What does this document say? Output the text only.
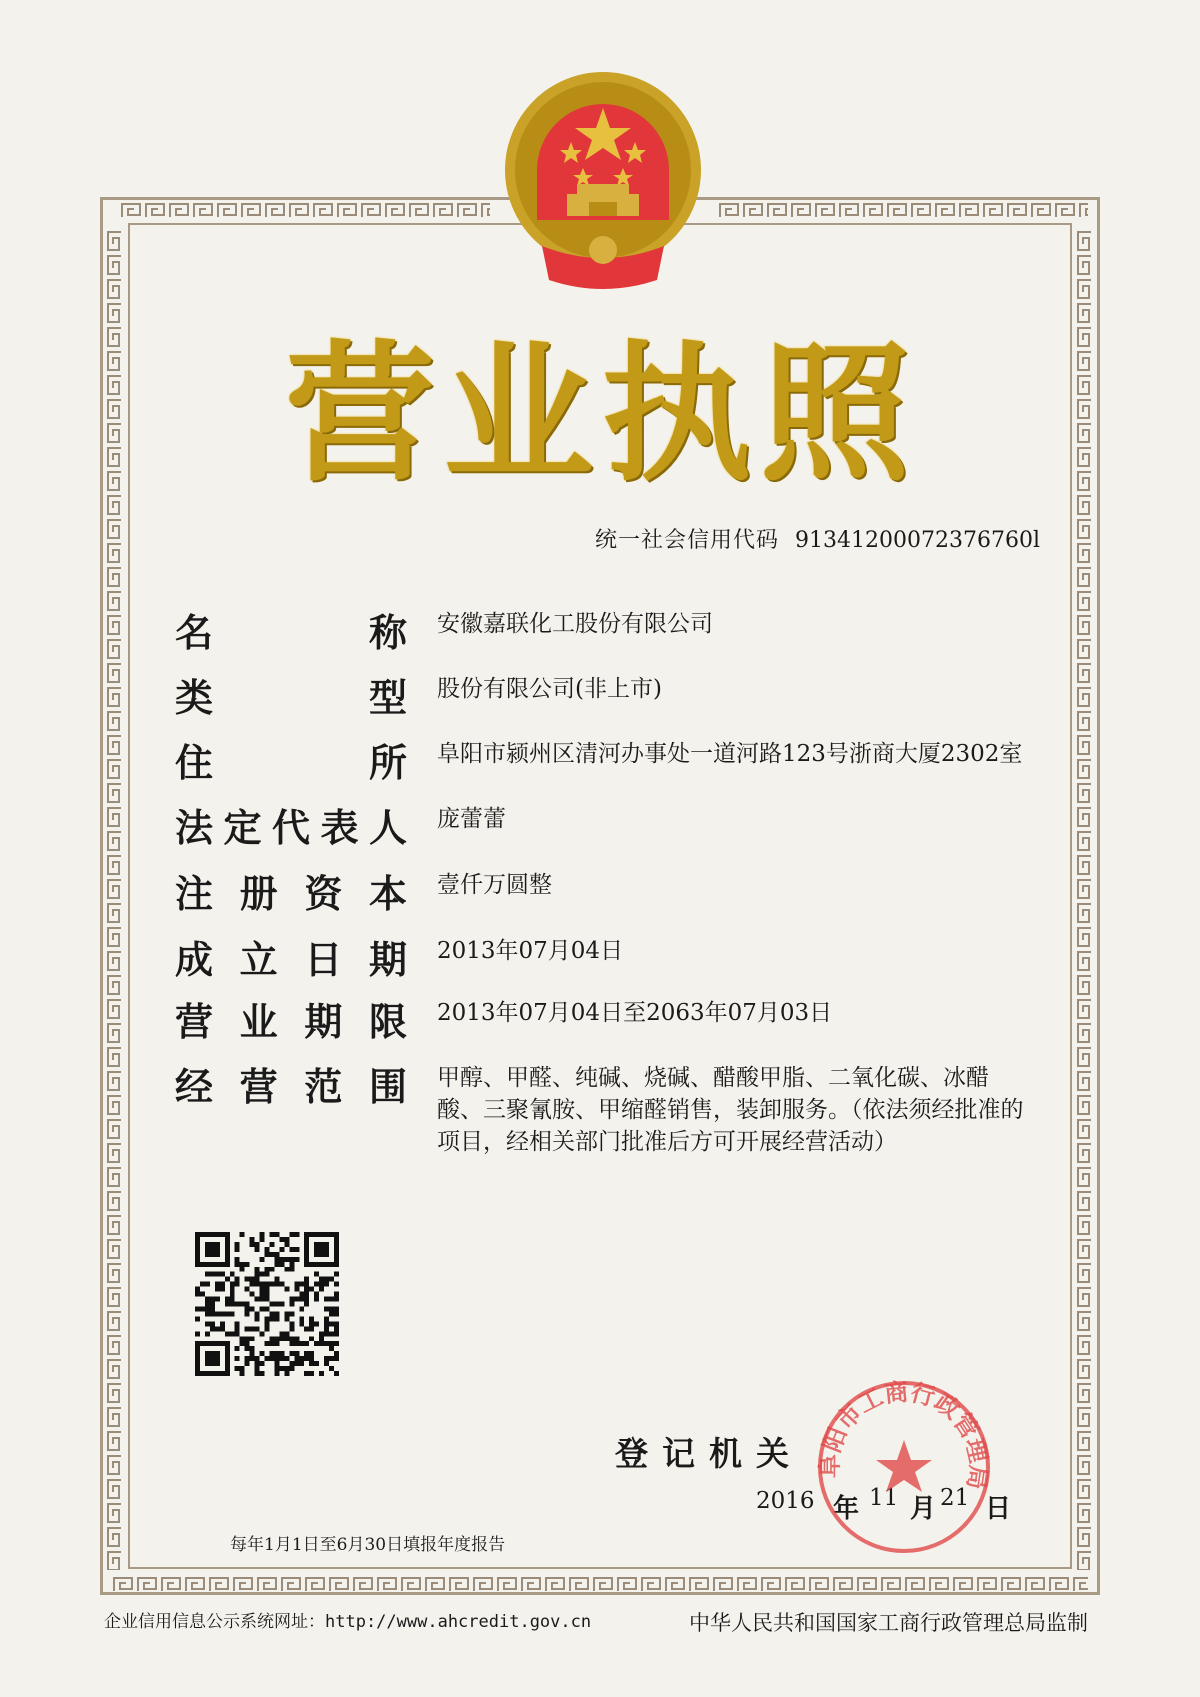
营 业 执 照
统一社会信用代码 91341200072376760l
名	称 安徽嘉联化工股份有限公司
类	型 股份有限公司(非上市)
住	所 阜阳市颍州区清河办事处一道河路123号浙商大厦2302室
法 定 代 表 人 庞蕾蕾
注 册 资 本 壹仟万圆整
成 立 日 期 2013年07月04日
营 业 期 限 2013年07月04日至2063年07月03日
经 营 范 围 甲醇、甲醛、纯碱、烧碱、醋酸甲脂、二氧化碳、冰醋酸、三聚氰胺、甲缩醛销售，装卸服务。（依法须经批准的项目，经相关部门批准后方可开展经营活动）
登记机关
2016 年 11 月 21 日
阜阳市工商行政管理局
每年1月1日至6月30日填报年度报告
企业信用信息公示系统网址：http://www.ahcredit.gov.cn	中华人民共和国国家工商行政管理总局监制
